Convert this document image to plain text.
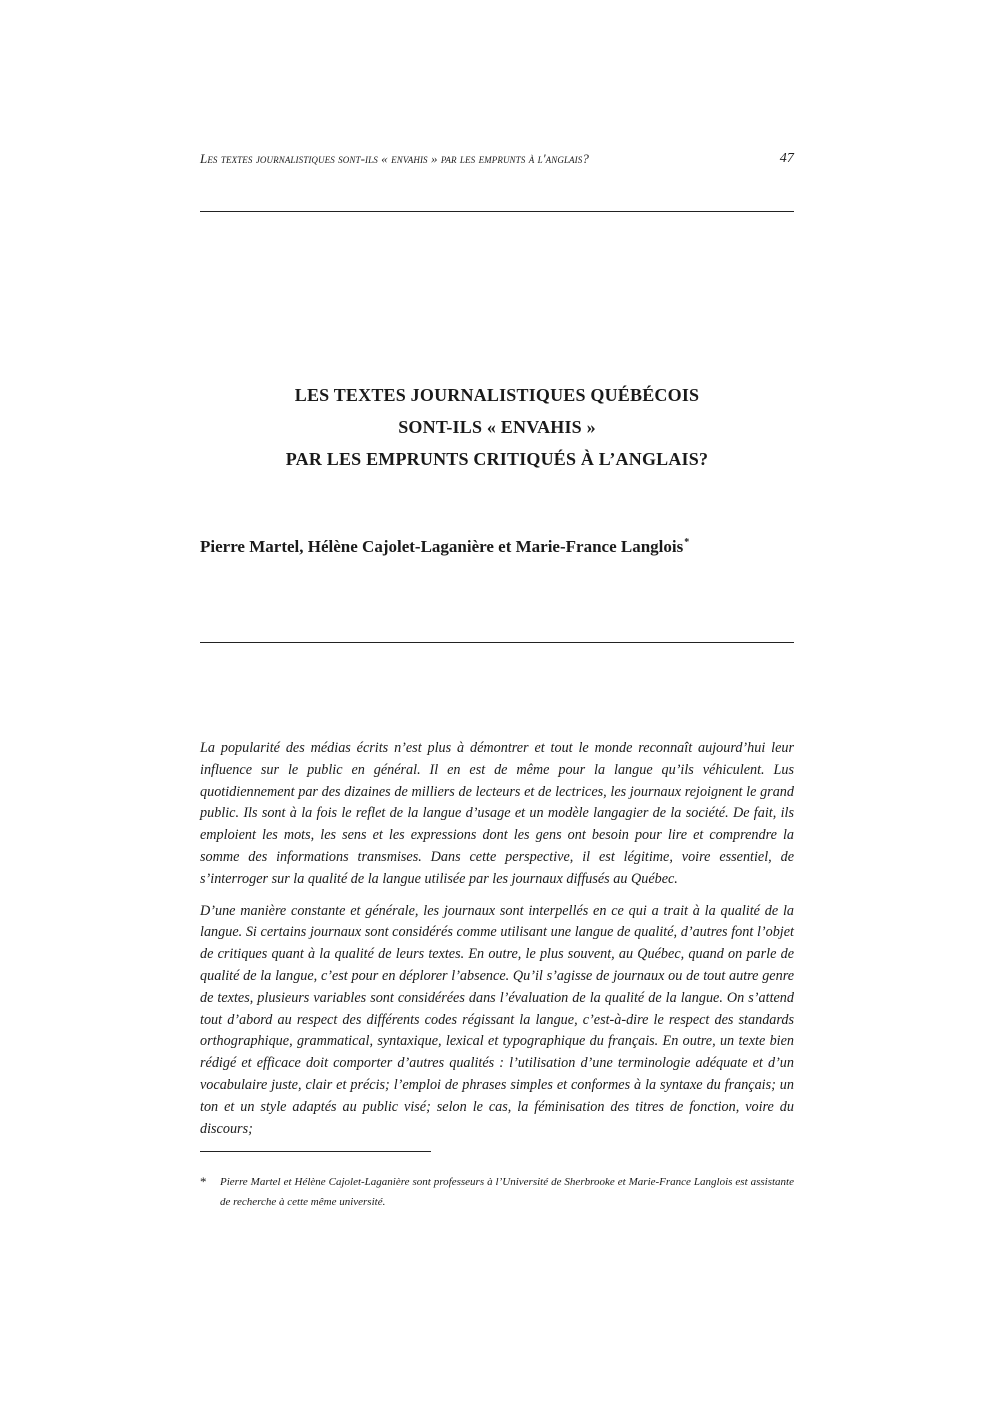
Les textes journalistiques sont-ils « envahis » par les emprunts à l'anglais?	47
LES TEXTES JOURNALISTIQUES QUÉBÉCOIS
SONT-ILS « ENVAHIS »
PAR LES EMPRUNTS CRITIQUÉS À L’ANGLAIS?
Pierre Martel, Hélène Cajolet-Laganière et Marie-France Langlois*

La popularité des médias écrits n’est plus à démontrer et tout le monde reconnaît aujourd’hui leur influence sur le public en général. Il en est de même pour la langue qu’ils véhiculent. Lus quotidiennement par des dizaines de milliers de lecteurs et de lectrices, les journaux rejoignent le grand public. Ils sont à la fois le reflet de la langue d’usage et un modèle langagier de la société. De fait, ils emploient les mots, les sens et les expressions dont les gens ont besoin pour lire et comprendre la somme des informations transmises. Dans cette perspective, il est légitime, voire essentiel, de s’interroger sur la qualité de la langue utilisée par les journaux diffusés au Québec.

D’une manière constante et générale, les journaux sont interpellés en ce qui a trait à la qualité de la langue. Si certains journaux sont considérés comme utilisant une langue de qualité, d’autres font l’objet de critiques quant à la qualité de leurs textes. En outre, le plus souvent, au Québec, quand on parle de qualité de la langue, c’est pour en déplorer l’absence. Qu’il s’agisse de journaux ou de tout autre genre de textes, plusieurs variables sont considérées dans l’évaluation de la qualité de la langue. On s’attend tout d’abord au respect des différents codes régissant la langue, c’est-à-dire le respect des standards orthographique, grammatical, syntaxique, lexical et typographique du français. En outre, un texte bien rédigé et efficace doit comporter d’autres qualités : l’utilisation d’une terminologie adéquate et d’un vocabulaire juste, clair et précis; l’emploi de phrases simples et conformes à la syntaxe du français; un ton et un style adaptés au public visé; selon le cas, la féminisation des titres de fonction, voire du discours;

* Pierre Martel et Hélène Cajolet-Laganière sont professeurs à l’Université de Sherbrooke et Marie-France Langlois est assistante de recherche à cette même université.
